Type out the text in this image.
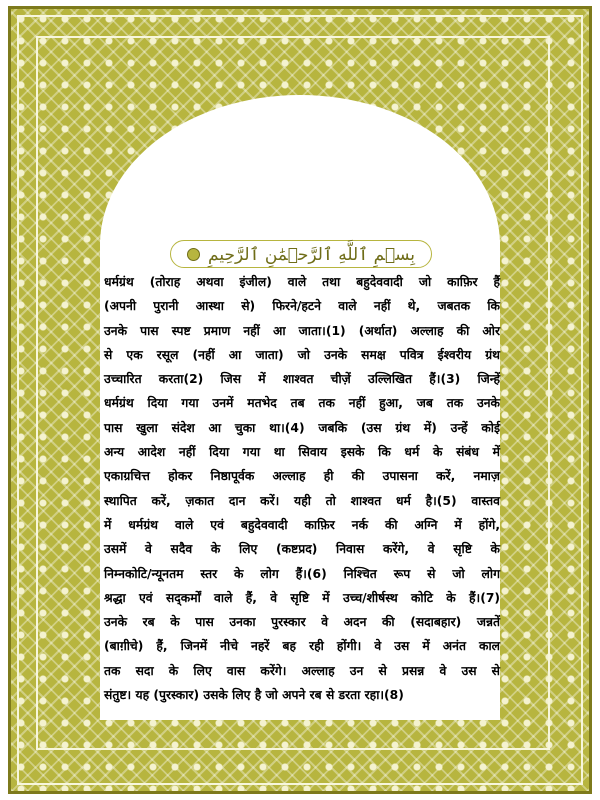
بِسۡمِ ٱللَّهِ ٱلرَّحۡمَٰنِ ٱلرَّحِيمِ
धर्मग्रंथ (तोराह अथवा इंजील) वाले तथा बहुदेववादी जो काफ़िर हैं
(अपनी पुरानी आस्था से) फिरने/हटने वाले नहीं थे, जबतक कि
उनके पास स्पष्ट प्रमाण नहीं आ जाता।(1) (अर्थात) अल्लाह की ओर
से एक रसूल (नहीं आ जाता) जो उनके समक्ष पवित्र ईश्वरीय ग्रंथ
उच्चारित करता(2) जिस में शाश्वत चीज़ें उल्लिखित हैं।(3) जिन्हें
धर्मग्रंथ दिया गया उनमें मतभेद तब तक नहीं हुआ, जब तक उनके
पास खुला संदेश आ चुका था।(4) जबकि (उस ग्रंथ में) उन्हें कोई
अन्य आदेश नहीं दिया गया था सिवाय इसके कि धर्म के संबंध में
एकाग्रचित्त होकर निष्ठापूर्वक अल्लाह ही की उपासना करें, नमाज़
स्थापित करें, ज़कात दान करें। यही तो शाश्वत धर्म है।(5) वास्तव
में धर्मग्रंथ वाले एवं बहुदेववादी काफ़िर नर्क की अग्नि में होंगे,
उसमें वे सदैव के लिए (कष्टप्रद) निवास करेंगे, वे सृष्टि के
निम्नकोटि/न्यूनतम स्तर के लोग हैं।(6) निश्चित रूप से जो लोग
श्रद्धा एवं सद्कर्मों वाले हैं, वे सृष्टि में उच्च/शीर्षस्थ कोटि के हैं।(7)
उनके रब के पास उनका पुरस्कार वे अदन की (सदाबहार) जन्नतें
(बाग़ीचे) हैं, जिनमें नीचे नहरें बह रही होंगी। वे उस में अनंत काल
तक सदा के लिए वास करेंगे। अल्लाह उन से प्रसन्न वे उस से
संतुष्ट। यह (पुरस्कार) उसके लिए है जो अपने रब से डरता रहा।(8)
